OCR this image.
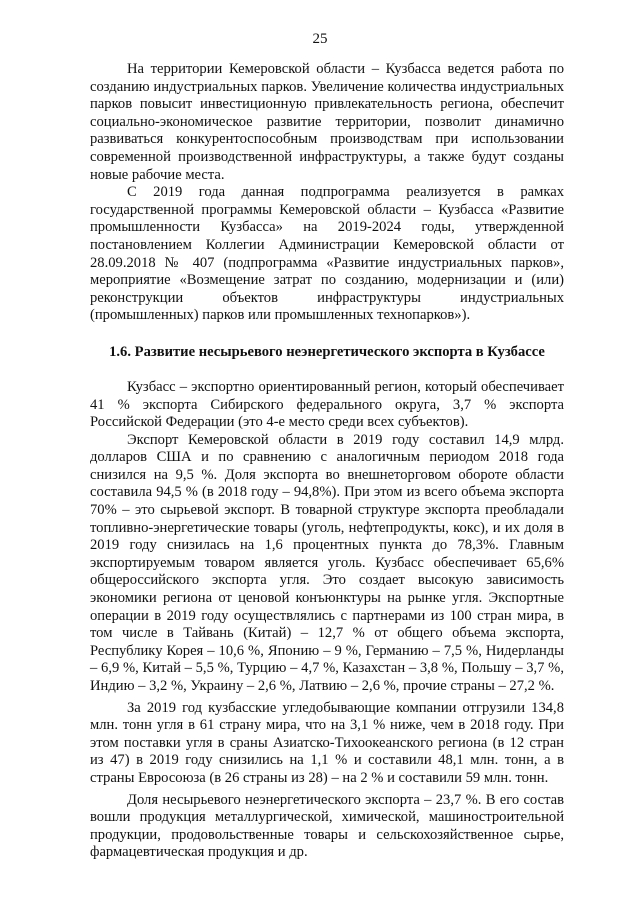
25

На территории Кемеровской области – Кузбасса ведется работа по созданию индустриальных парков. Увеличение количества индустриальных парков повысит инвестиционную привлекательность региона, обеспечит социально-экономическое развитие территории, позволит динамично развиваться конкурентоспособным производствам при использовании современной производственной инфраструктуры, а также будут созданы новые рабочие места.

С 2019 года данная подпрограмма реализуется в рамках государственной программы Кемеровской области – Кузбасса «Развитие промышленности Кузбасса» на 2019-2024 годы, утвержденной постановлением Коллегии Администрации Кемеровской области от 28.09.2018 № 407 (подпрограмма «Развитие индустриальных парков», мероприятие «Возмещение затрат по созданию, модернизации и (или) реконструкции объектов инфраструктуры индустриальных (промышленных) парков или промышленных технопарков»).

1.6. Развитие несырьевого неэнергетического экспорта в Кузбассе

Кузбасс – экспортно ориентированный регион, который обеспечивает 41 % экспорта Сибирского федерального округа, 3,7 % экспорта Российской Федерации (это 4-е место среди всех субъектов).

Экспорт Кемеровской области в 2019 году составил 14,9 млрд. долларов США и по сравнению с аналогичным периодом 2018 года снизился на 9,5 %. Доля экспорта во внешнеторговом обороте области составила 94,5 % (в 2018 году – 94,8%). При этом из всего объема экспорта 70% – это сырьевой экспорт. В товарной структуре экспорта преобладали топливно-энергетические товары (уголь, нефтепродукты, кокс), и их доля в 2019 году снизилась на 1,6 процентных пункта до 78,3%. Главным экспортируемым товаром является уголь. Кузбасс обеспечивает 65,6% общероссийского экспорта угля. Это создает высокую зависимость экономики региона от ценовой конъюнктуры на рынке угля. Экспортные операции в 2019 году осуществлялись с партнерами из 100 стран мира, в том числе в Тайвань (Китай) – 12,7 % от общего объема экспорта, Республику Корея – 10,6 %, Японию – 9 %, Германию – 7,5 %, Нидерланды – 6,9 %, Китай – 5,5 %, Турцию – 4,7 %, Казахстан – 3,8 %, Польшу – 3,7 %, Индию – 3,2 %, Украину – 2,6 %, Латвию – 2,6 %, прочие страны – 27,2 %.

За 2019 год кузбасские угледобывающие компании отгрузили 134,8 млн. тонн угля в 61 страну мира, что на 3,1 % ниже, чем в 2018 году. При этом поставки угля в сраны Азиатско-Тихоокеанского региона (в 12 стран из 47) в 2019 году снизились на 1,1 % и составили 48,1 млн. тонн, а в страны Евросоюза (в 26 страны из 28) – на 2 % и составили 59 млн. тонн.

Доля несырьевого неэнергетического экспорта – 23,7 %. В его состав вошли продукция металлургической, химической, машиностроительной продукции, продовольственные товары и сельскохозяйственное сырье, фармацевтическая продукция и др.
